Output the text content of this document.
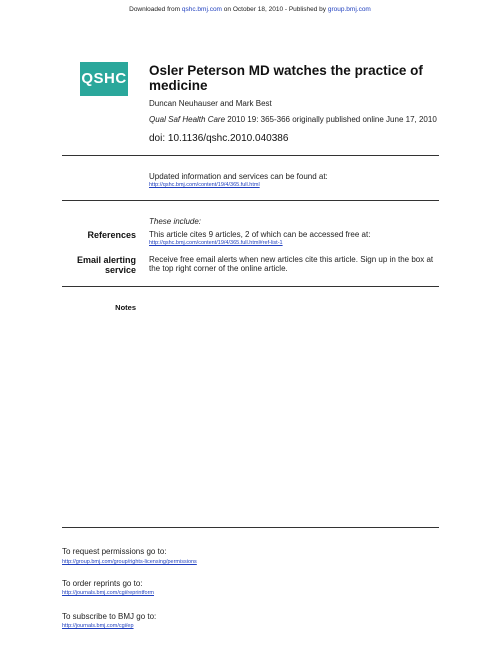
Downloaded from qshc.bmj.com on October 18, 2010 - Published by group.bmj.com
QSHC Osler Peterson MD watches the practice of medicine
Duncan Neuhauser and Mark Best
Qual Saf Health Care 2010 19: 365-366 originally published online June 17, 2010
doi: 10.1136/qshc.2010.040386
Updated information and services can be found at:
http://qshc.bmj.com/content/19/4/365.full.html
These include:
References This article cites 9 articles, 2 of which can be accessed free at:
http://qshc.bmj.com/content/19/4/365.full.html#ref-list-1
Email alerting
service
Receive free email alerts when new articles cite this article. Sign up in the box at the top right corner of the online article.
Notes
To request permissions go to:
http://group.bmj.com/group/rights-licensing/permissions
To order reprints go to:
http://journals.bmj.com/cgi/reprintform
To subscribe to BMJ go to:
http://journals.bmj.com/cgi/ep
